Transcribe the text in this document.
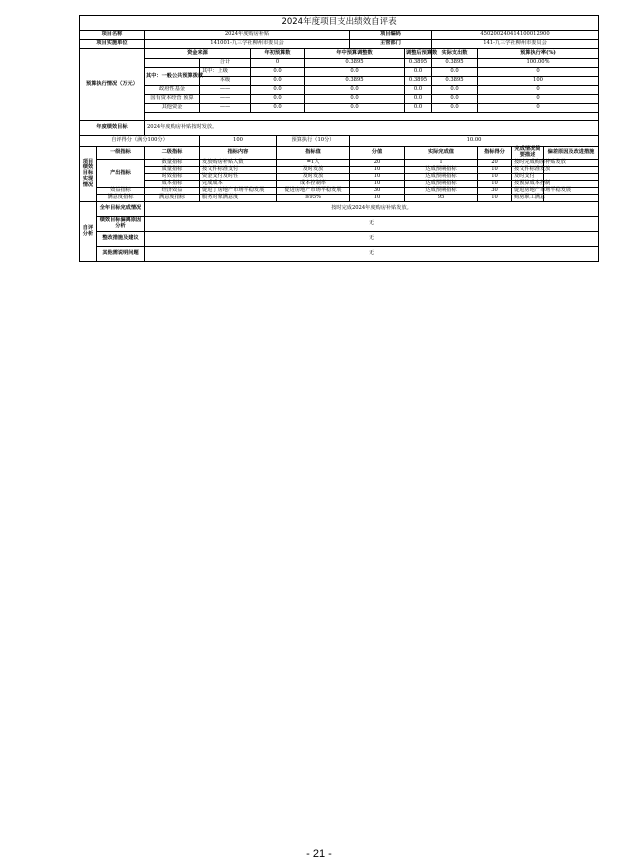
2024年度项目支出绩效自评表												
项目名称		2024年度购房补贴					项目编码		45020024041410001290​0			
项目实施单位		141001-九三学社柳州市委员会					主管部门		141-九三学社柳州市委员会			
预算执行情况（万元）		资金来源		年初预算数		年中预算调整数		调整后预算数	实际支出数	预算执行率(%)		
			合计	0		0.3895		0.3895	0.3895	100.00%		
		其中：一般公共预算拨款	其中：上级	0.0		0.0		0.0	0.0	0		
			本级	0.0		0.3895		0.3895	0.3895	100		
		政府性基金	——	0.0		0.0		0.0	0.0	0		
		国有资本经营 预算	——	0.0		0.0		0.0	0.0	0		
		其他资金	——	0.0		0.0		0.0	0.0	0		

年度绩效目标		2024年度购房补贴按时发放。										
自评得分（满分100分）			100		预算执行（10分）		10.00					
项目绩效目标实现情况	一级指标	二级指标	指标内容		指标值		分值	实际完成值		指标得分	完成情况简要描述	偏差原因及改进措施
	产出指标	数量指标	发放购房补贴人数		=1人		20	1		20	按时完成购房补贴发放	
		质量指标	按文件标准支付		及时发放		10	达成预期指标		10	按文件标准发放	
		时效指标	资金支付及时性		及时发放		10	达成预期指标		10	及时支付	
		成本指标	完成成本		成本控制率		10	达成预期指标		10	按预算成本控制	
	效益指标	经济效益	促进了房地产市场平稳发展		促进房地产市场平稳发展		30	达成预期指标		30	促进房地产市场平稳发展	
	满意度指标	满意度指标	服务对象满意度		≥95%		10	95		10	购房职工满意	
自评分析	全年目标完成情况	按时完成2024年度购房补贴发放。										
	绩效目标偏离原因分析	无										
	整改措施及建议	无										
	其他需说明问题	无										
- 21 -
